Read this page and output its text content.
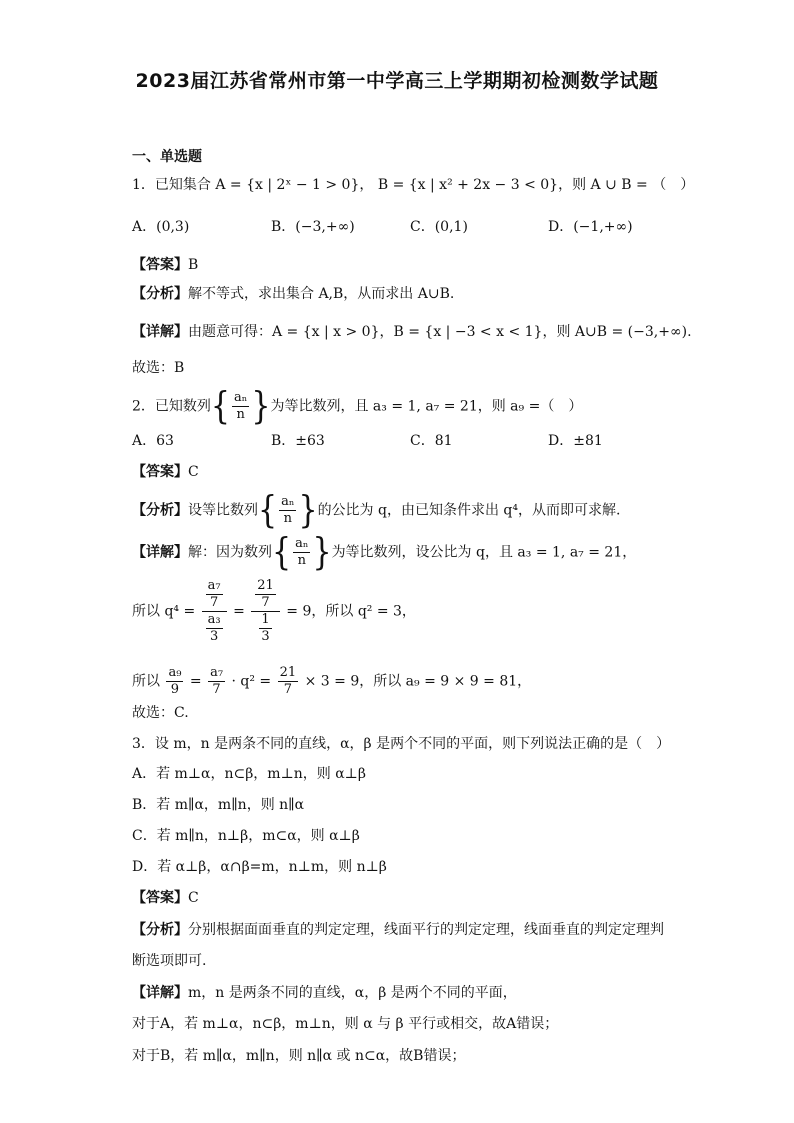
2023届江苏省常州市第一中学高三上学期期初检测数学试题
一、单选题
1．已知集合 A = {x | 2ˣ − 1 > 0}， B = {x | x² + 2x − 3 < 0}，则 A ∪ B = （　）
A．(0,3)	B．(−3,+∞)	C．(0,1)	D．(−1,+∞)
【答案】B
【分析】解不等式，求出集合 A,B，从而求出 A∪B.
【详解】由题意可得：A = {x | x > 0}，B = {x | −3 < x < 1}，则 A∪B = (−3,+∞).
故选：B
2．已知数列{ $\frac{\text{aₙ}}{n}$ }为等比数列，且 a₃ = 1, a₇ = 21，则 a₉ =（　）
A．63	B．±63	C．81	D．±81
【答案】C
【分析】设等比数列{ $\frac{\text{aₙ}}{n}$ }的公比为 q，由已知条件求出 q⁴，从而即可求解.
【详解】解：因为数列{ $\frac{\text{aₙ}}{n}$ }为等比数列，设公比为 q，且 a₃ = 1, a₇ = 21，
所以 $q^4 = \frac{\frac{\text{a₇}}{7}}{\frac{\text{a₃}}{3}} = \frac{\frac{21}{7}}{\frac{1}{3}} = 9$，所以 q² = 3，
所以 $\frac{\text{a₉}}{9} = \frac{\text{a₇}}{7} \cdot q^2 = \frac{21}{7} \times 3 = 9$，所以 a₉ = 9 × 9 = 81，
故选：C.
3．设 m，n 是两条不同的直线，α，β 是两个不同的平面，则下列说法正确的是（　）
A．若 m⊥α，n⊂β，m⊥n，则 α⊥β
B．若 m∥α，m∥n，则 n∥α
C．若 m∥n，n⊥β，m⊂α，则 α⊥β
D．若 α⊥β，α∩β=m，n⊥m，则 n⊥β
【答案】C
【分析】分别根据面面垂直的判定定理，线面平行的判定定理，线面垂直的判定定理判
断选项即可.
【详解】m，n 是两条不同的直线，α，β 是两个不同的平面，
对于A，若 m⊥α，n⊂β，m⊥n，则 α 与 β 平行或相交，故A错误；
对于B，若 m∥α，m∥n，则 n∥α 或 n⊂α，故B错误；
